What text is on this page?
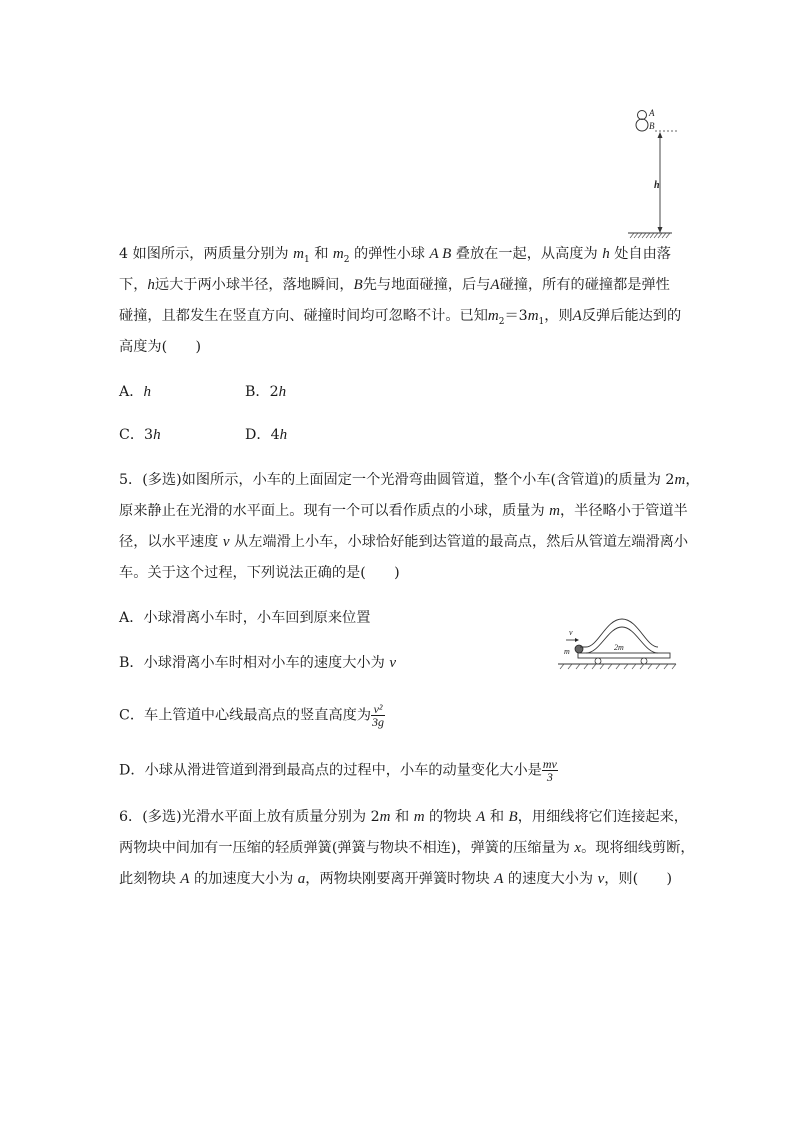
A
B
h
4 如图所示，两质量分别为 $m_1$ 和 $m_2$ 的弹性小球 A B 叠放在一起，从高度为 h 处自由落
下，h远大于两小球半径，落地瞬间，B先与地面碰撞，后与A碰撞，所有的碰撞都是弹性
碰撞，且都发生在竖直方向、碰撞时间均可忽略不计。已知$m_2=3m_1$，则A反弹后能达到的
高度为(　　)
A．h	B．2h
C．3h	D．4h
5．(多选)如图所示，小车的上面固定一个光滑弯曲圆管道，整个小车(含管道)的质量为 2m，
原来静止在光滑的水平面上。现有一个可以看作质点的小球，质量为 m，半径略小于管道半
径，以水平速度 v 从左端滑上小车，小球恰好能到达管道的最高点，然后从管道左端滑离小
车。关于这个过程，下列说法正确的是(　　)
A．小球滑离小车时，小车回到原来位置
B．小球滑离小车时相对小车的速度大小为 v
C．车上管道中心线最高点的竖直高度为 $\frac{\text{v²}}{3g}$
D．小球从滑进管道到滑到最高点的过程中，小车的动量变化大小是 $\frac{mv}{3}$
v
m	2m
6．(多选)光滑水平面上放有质量分别为 2m 和 m 的物块 A 和 B，用细线将它们连接起来，
两物块中间加有一压缩的轻质弹簧(弹簧与物块不相连)，弹簧的压缩量为 x。现将细线剪断，
此刻物块 A 的加速度大小为 a，两物块刚要离开弹簧时物块 A 的速度大小为 v，则(　　)
